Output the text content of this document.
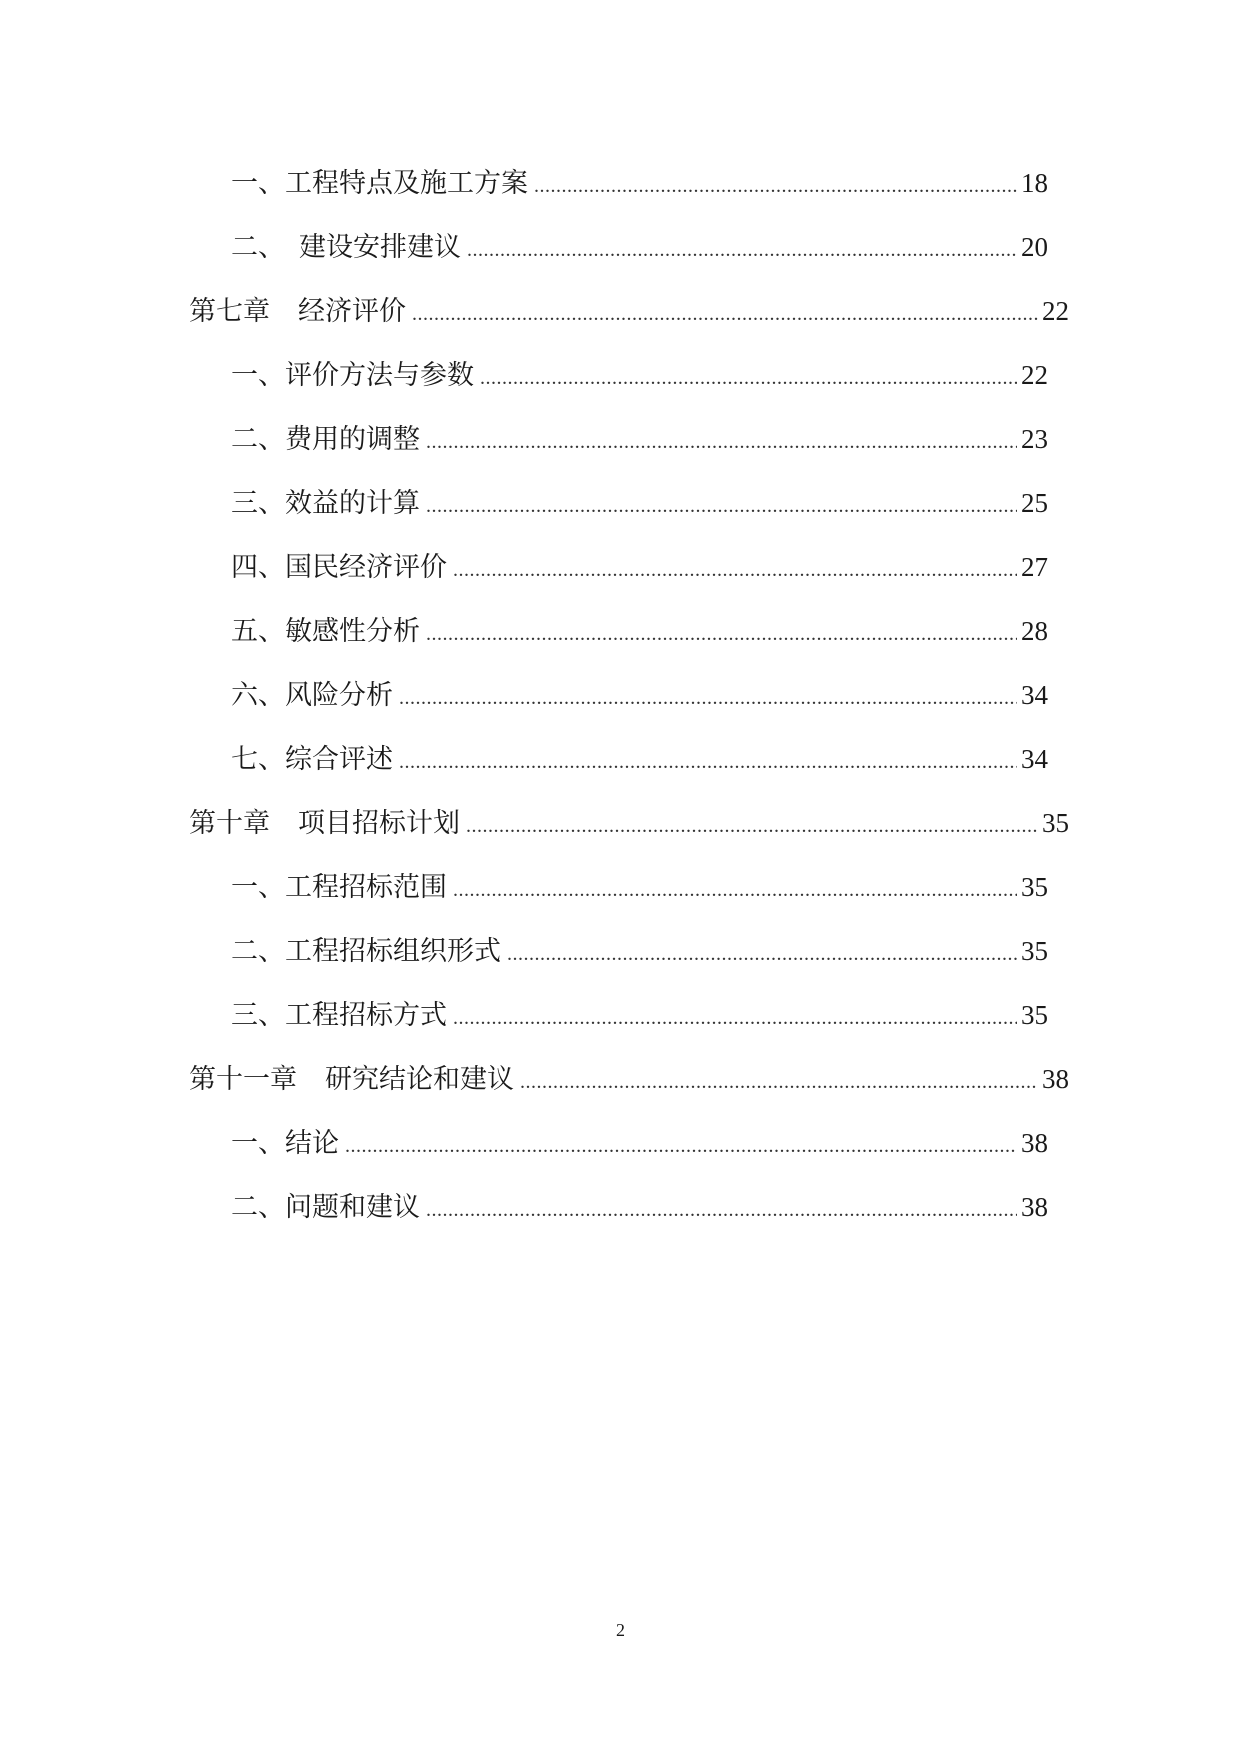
一、 工程特点及施工方案 .....	18
二、 建设安排建议 .....	20
第七章 经济评价 .....	22
一、 评价方法与参数 .....	22
二、 费用的调整 .....	23
三、 效益的计算 .....	25
四、 国民经济评价 .....	27
五、 敏感性分析 .....	28
六、 风险分析 .....	34
七、 综合评述 .....	34
第十章 项目招标计划 .....	35
一、 工程招标范围 .....	35
二、 工程招标组织形式 .....	35
三、 工程招标方式 .....	35
第十一章 研究结论和建议 .....	38
一、 结论 .....	38
二、 问题和建议 .....	38
2
